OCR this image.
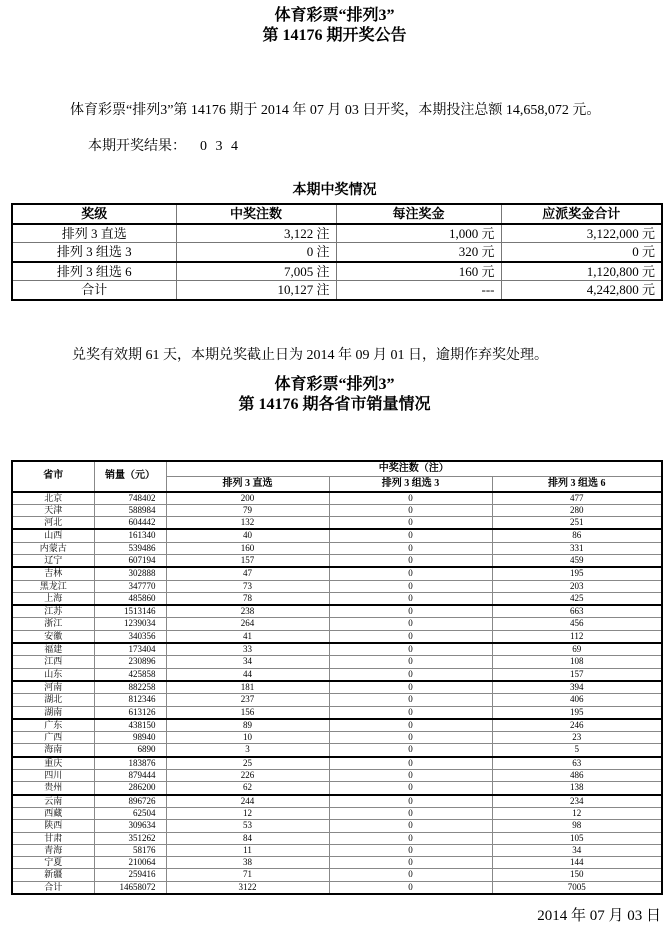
体育彩票“排列3”
第 14176 期开奖公告
体育彩票“排列3”第 14176 期于 2014 年 07 月 03 日开奖，本期投注总额 14,658,072 元。
本期开奖结果： 0 3 4
本期中奖情况
奖级	中奖注数	每注奖金	应派奖金合计
排列 3 直选	3,122 注	1,000 元	3,122,000 元
排列 3 组选 3	0 注	320 元	0 元
排列 3 组选 6	7,005 注	160 元	1,120,800 元
合计	10,127 注	---	4,242,800 元
兑奖有效期 61 天，本期兑奖截止日为 2014 年 09 月 01 日，逾期作弃奖处理。
体育彩票“排列3”
第 14176 期各省市销量情况
省市	销量（元）	中奖注数（注）		
		排列 3 直选	排列 3 组选 3	排列 3 组选 6
北京	748402	200	0	477
天津	588984	79	0	280
河北	604442	132	0	251
山西	161340	40	0	86
内蒙古	539486	160	0	331
辽宁	607194	157	0	459
吉林	302888	47	0	195
黑龙江	347770	73	0	203
上海	485860	78	0	425
江苏	1513146	238	0	663
浙江	1239034	264	0	456
安徽	340356	41	0	112
福建	173404	33	0	69
江西	230896	34	0	108
山东	425858	44	0	157
河南	882258	181	0	394
湖北	812346	237	0	406
湖南	613126	156	0	195
广东	438150	89	0	246
广西	98940	10	0	23
海南	6890	3	0	5
重庆	183876	25	0	63
四川	879444	226	0	486
贵州	286200	62	0	138
云南	896726	244	0	234
西藏	62504	12	0	12
陕西	309634	53	0	98
甘肃	351262	84	0	105
青海	58176	11	0	34
宁夏	210064	38	0	144
新疆	259416	71	0	150
合计	14658072	3122	0	7005
2014 年 07 月 03 日
